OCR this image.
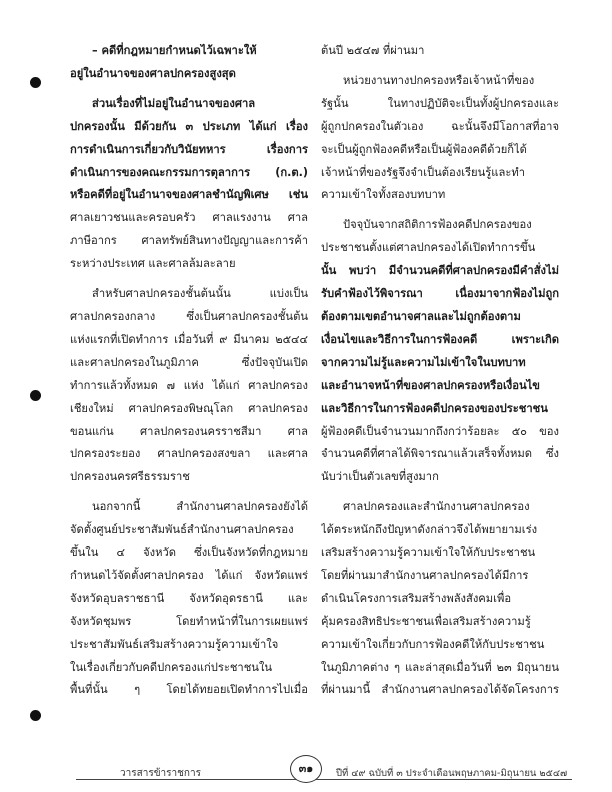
– คดีที่กฎหมายกำหนดไว้เฉพาะให้
อยู่ในอำนาจของศาลปกครองสูงสุด
ส่วนเรื่องที่ไม่อยู่ในอำนาจของศาล
ปกครองนั้น มีด้วยกัน ๓ ประเภท ได้แก่ เรื่อง
การดำเนินการเกี่ยวกับวินัยทหาร เรื่องการ
ดำเนินการของคณะกรรมการตุลาการ (ก.ต.)
หรือคดีที่อยู่ในอำนาจของศาลชำนัญพิเศษ เช่น
ศาลเยาวชนและครอบครัว ศาลแรงงาน ศาล
ภาษีอากร ศาลทรัพย์สินทางปัญญาและการค้า
ระหว่างประเทศ และศาลล้มละลาย
สำหรับศาลปกครองชั้นต้นนั้น แบ่งเป็น
ศาลปกครองกลาง ซึ่งเป็นศาลปกครองชั้นต้น
แห่งแรกที่เปิดทำการ เมื่อวันที่ ๙ มีนาคม ๒๕๔๔
และศาลปกครองในภูมิภาค ซึ่งปัจจุบันเปิด
ทำการแล้วทั้งหมด ๗ แห่ง ได้แก่ ศาลปกครอง
เชียงใหม่ ศาลปกครองพิษณุโลก ศาลปกครอง
ขอนแก่น ศาลปกครองนครราชสีมา ศาล
ปกครองระยอง ศาลปกครองสงขลา และศาล
ปกครองนครศรีธรรมราช
นอกจากนี้ สำนักงานศาลปกครองยังได้
จัดตั้งศูนย์ประชาสัมพันธ์สำนักงานศาลปกครอง
ขึ้นใน ๔ จังหวัด ซึ่งเป็นจังหวัดที่กฎหมาย
กำหนดไว้จัดตั้งศาลปกครอง ได้แก่ จังหวัดแพร่
จังหวัดอุบลราชธานี จังหวัดอุดรธานี และ
จังหวัดชุมพร โดยทำหน้าที่ในการเผยแพร่
ประชาสัมพันธ์เสริมสร้างความรู้ความเข้าใจ
ในเรื่องเกี่ยวกับคดีปกครองแก่ประชาชนใน
พื้นที่นั้น ๆ โดยได้ทยอยเปิดทำการไปเมื่อ
ต้นปี ๒๕๔๗ ที่ผ่านมา
หน่วยงานทางปกครองหรือเจ้าหน้าที่ของ
รัฐนั้น ในทางปฏิบัติจะเป็นทั้งผู้ปกครองและ
ผู้ถูกปกครองในตัวเอง ฉะนั้นจึงมีโอกาสที่อาจ
จะเป็นผู้ถูกฟ้องคดีหรือเป็นผู้ฟ้องคดีด้วยก็ได้
เจ้าหน้าที่ของรัฐจึงจำเป็นต้องเรียนรู้และทำ
ความเข้าใจทั้งสองบทบาท
ปัจจุบันจากสถิติการฟ้องคดีปกครองของ
ประชาชนตั้งแต่ศาลปกครองได้เปิดทำการขึ้น
นั้น พบว่า มีจำนวนคดีที่ศาลปกครองมีคำสั่งไม่
รับคำฟ้องไว้พิจารณา เนื่องมาจากฟ้องไม่ถูก
ต้องตามเขตอำนาจศาลและไม่ถูกต้องตาม
เงื่อนไขและวิธีการในการฟ้องคดี เพราะเกิด
จากความไม่รู้และความไม่เข้าใจในบทบาท
และอำนาจหน้าที่ของศาลปกครองหรือเงื่อนไข
และวิธีการในการฟ้องคดีปกครองของประชาชน
ผู้ฟ้องคดีเป็นจำนวนมากถึงกว่าร้อยละ ๕๐ ของ
จำนวนคดีที่ศาลได้พิจารณาแล้วเสร็จทั้งหมด ซึ่ง
นับว่าเป็นตัวเลขที่สูงมาก
ศาลปกครองและสำนักงานศาลปกครอง
ได้ตระหนักถึงปัญหาดังกล่าวจึงได้พยายามเร่ง
เสริมสร้างความรู้ความเข้าใจให้กับประชาชน
โดยที่ผ่านมาสำนักงานศาลปกครองได้มีการ
ดำเนินโครงการเสริมสร้างพลังสังคมเพื่อ
คุ้มครองสิทธิประชาชนเพื่อเสริมสร้างความรู้
ความเข้าใจเกี่ยวกับการฟ้องคดีให้กับประชาชน
ในภูมิภาคต่าง ๆ และล่าสุดเมื่อวันที่ ๒๓ มิถุนายน
ที่ผ่านมานี้ สำนักงานศาลปกครองได้จัดโครงการ
วารสารข้าราชการ	๓๑	ปีที่ ๔๙ ฉบับที่ ๓ ประจำเดือนพฤษภาคม-มิถุนายน ๒๕๔๗
